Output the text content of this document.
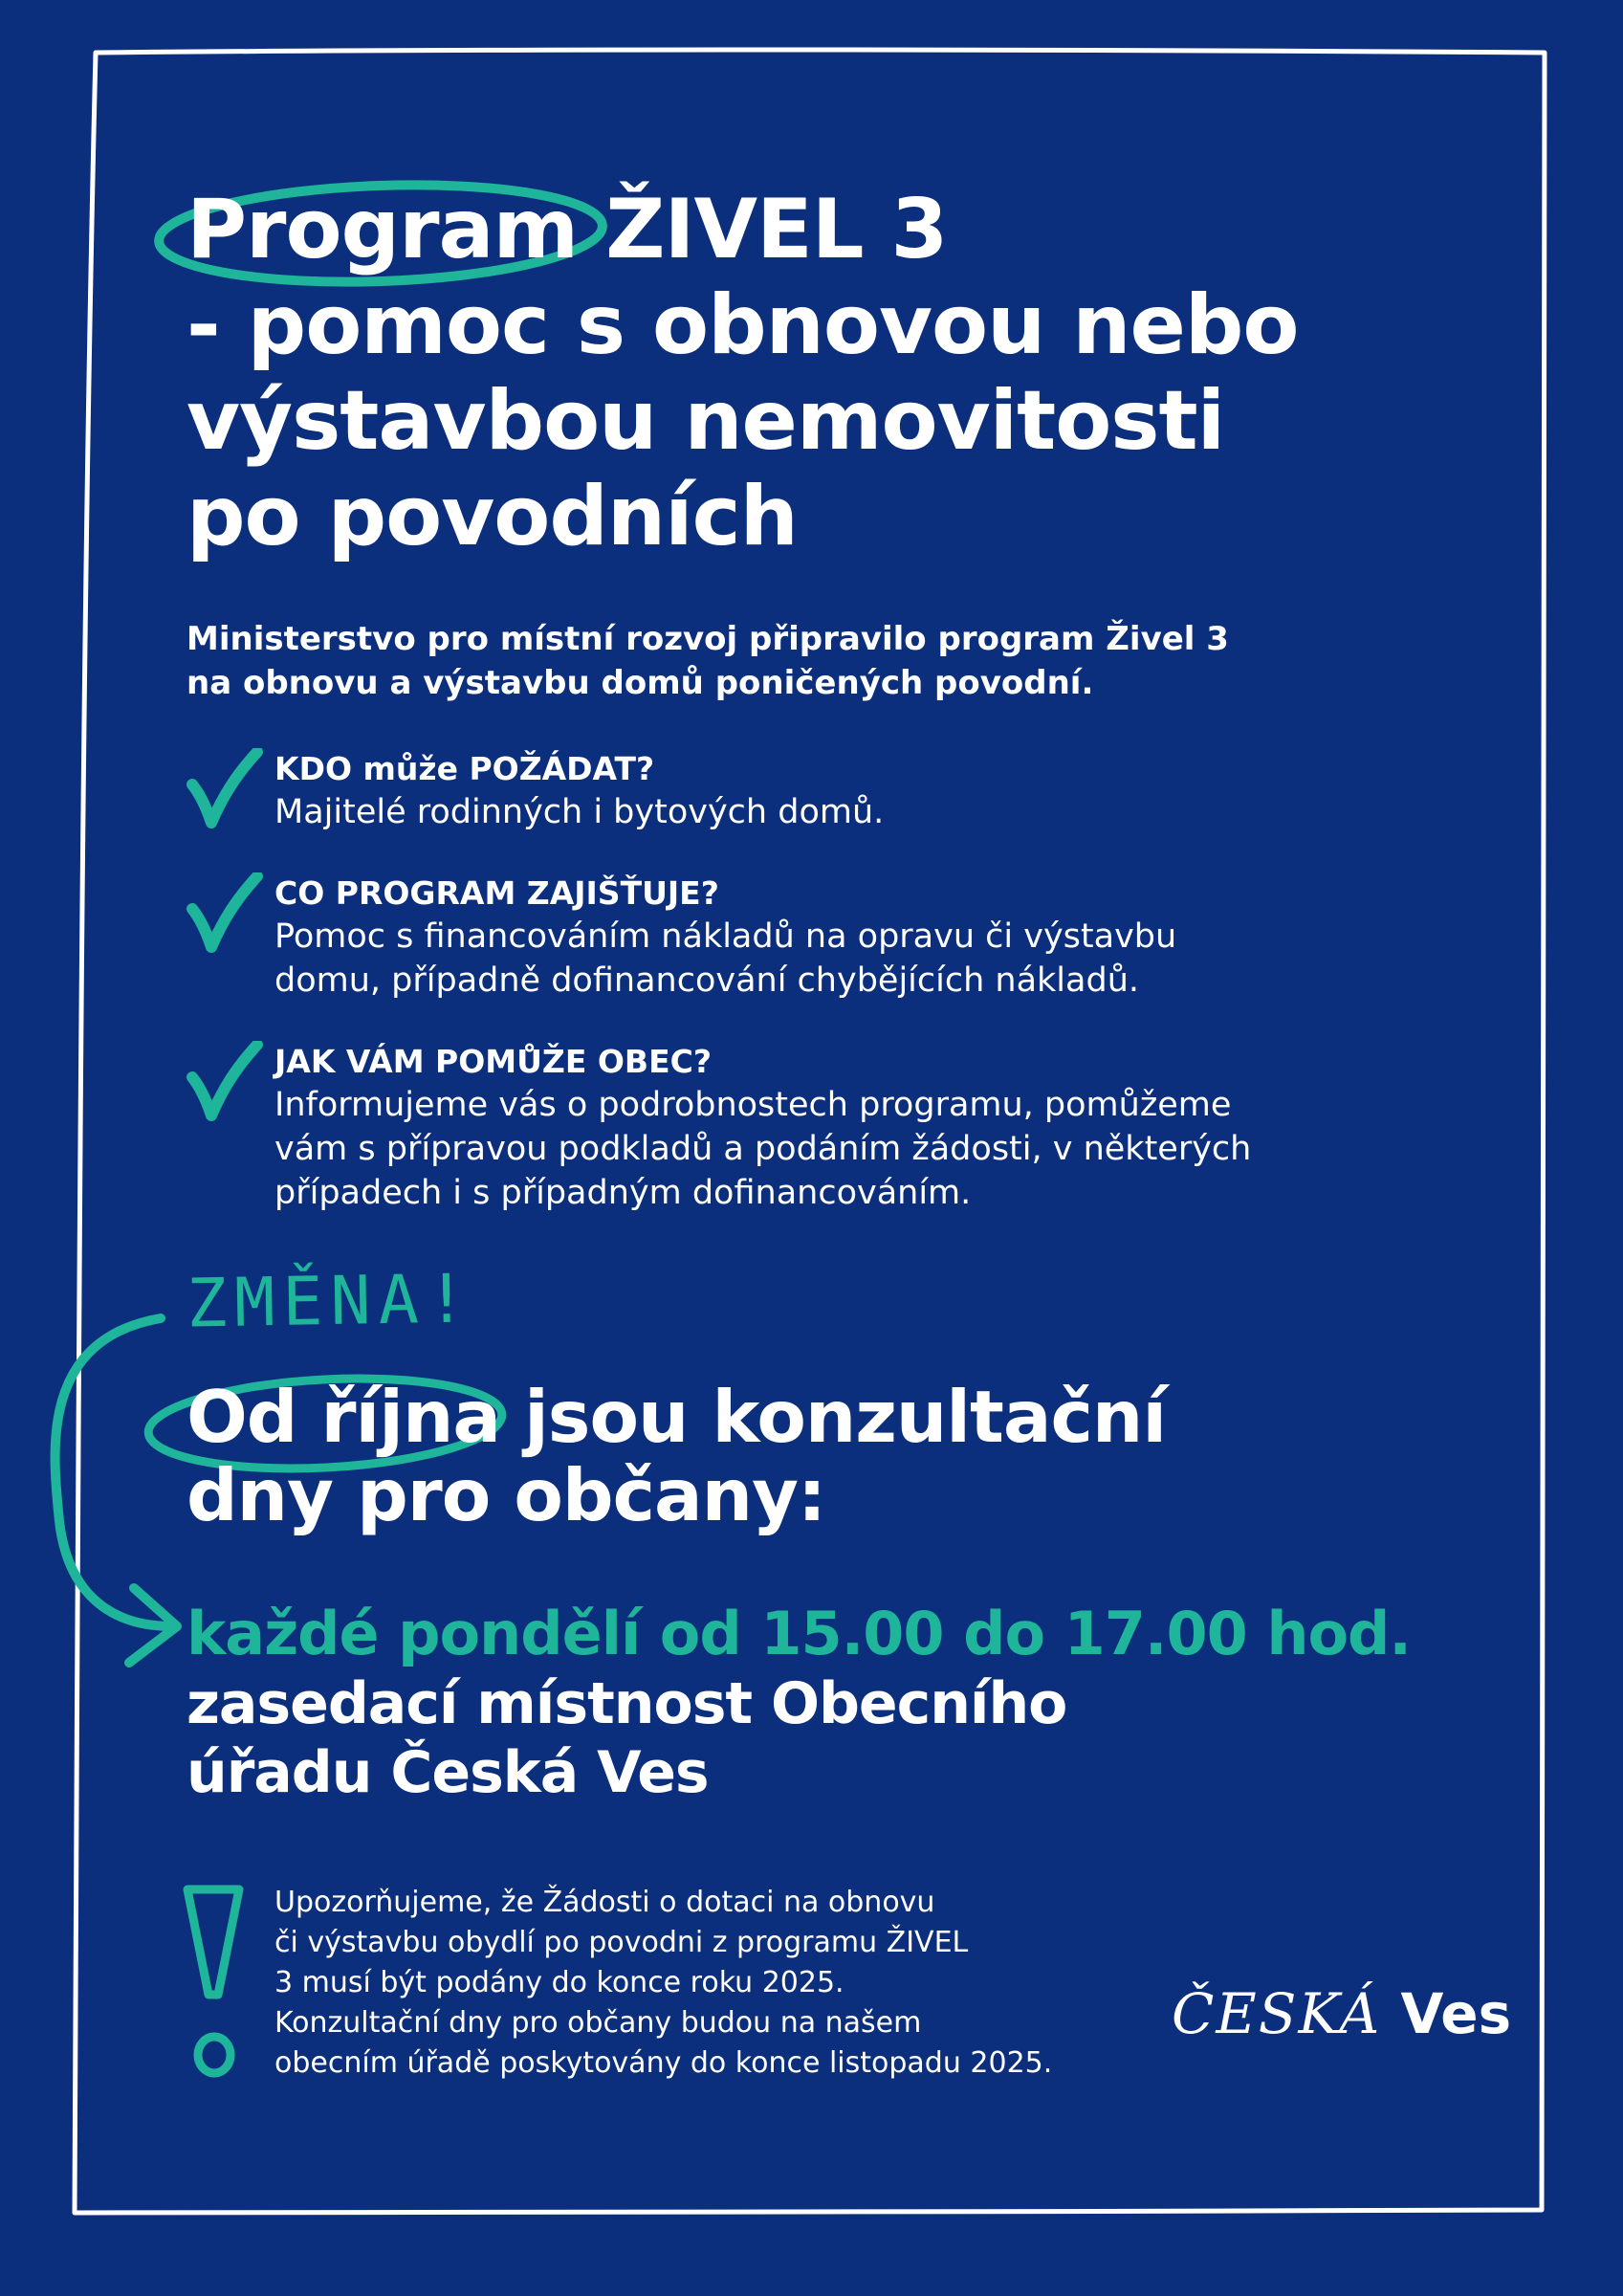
Program ŽIVEL 3
- pomoc s obnovou nebo
výstavbou nemovitosti
po povodních

Ministerstvo pro místní rozvoj připravilo program Živel 3
na obnovu a výstavbu domů poničených povodní.

KDO může POŽÁDAT?
Majitelé rodinných i bytových domů.
CO PROGRAM ZAJIŠŤUJE?
Pomoc s financováním nákladů na opravu či výstavbu
domu, případně dofinancování chybějících nákladů.
JAK VÁM POMŮŽE OBEC?
Informujeme vás o podrobnostech programu, pomůžeme
vám s přípravou podkladů a podáním žádosti, v některých
případech i s případným dofinancováním.
ZMĚNA!
Od října jsou konzultační
dny pro občany:
každé pondělí od 15.00 do 17.00 hod.
zasedací místnost Obecního
úřadu Česká Ves
Upozorňujeme, že Žádosti o dotaci na obnovu
či výstavbu obydlí po povodni z programu ŽIVEL
3 musí být podány do konce roku 2025.
Konzultační dny pro občany budou na našem
obecním úřadě poskytovány do konce listopadu 2025.
ČESKÁ Ves
